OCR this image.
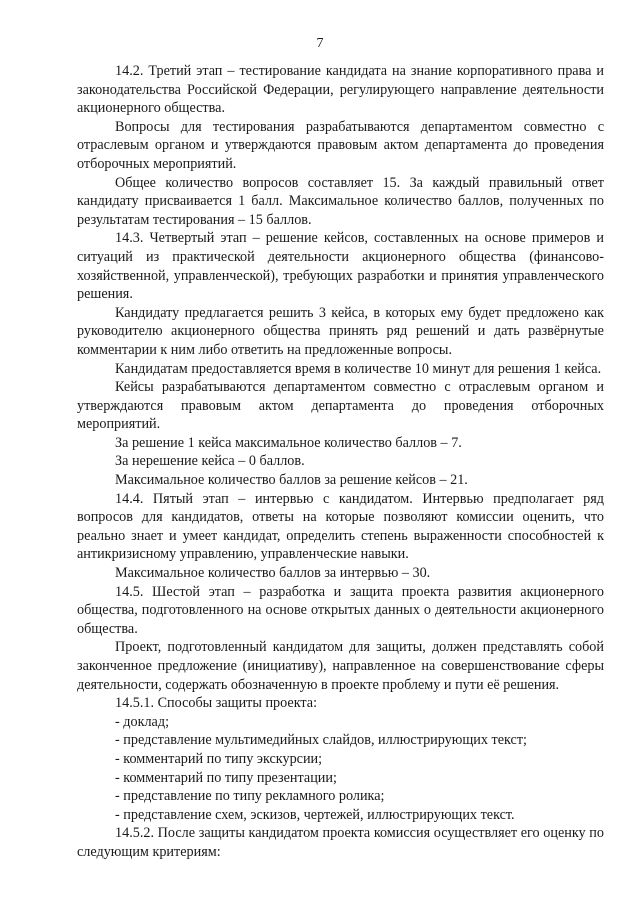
7

14.2. Третий этап – тестирование кандидата на знание корпоративного права и законодательства Российской Федерации, регулирующего направление деятельности акционерного общества.

Вопросы для тестирования разрабатываются департаментом совместно с отраслевым органом и утверждаются правовым актом департамента до проведения отборочных мероприятий.

Общее количество вопросов составляет 15. За каждый правильный ответ кандидату присваивается 1 балл. Максимальное количество баллов, полученных по результатам тестирования – 15 баллов.

14.3. Четвертый этап – решение кейсов, составленных на основе примеров и ситуаций из практической деятельности акционерного общества (финансово-хозяйственной, управленческой), требующих разработки и принятия управленческого решения.

Кандидату предлагается решить 3 кейса, в которых ему будет предложено как руководителю акционерного общества принять ряд решений и дать развёрнутые комментарии к ним либо ответить на предложенные вопросы.

Кандидатам предоставляется время в количестве 10 минут для решения 1 кейса.

Кейсы разрабатываются департаментом совместно с отраслевым органом и утверждаются правовым актом департамента до проведения отборочных мероприятий.

За решение 1 кейса максимальное количество баллов – 7.

За нерешение кейса – 0 баллов.

Максимальное количество баллов за решение кейсов – 21.

14.4. Пятый этап – интервью с кандидатом. Интервью предполагает ряд вопросов для кандидатов, ответы на которые позволяют комиссии оценить, что реально знает и умеет кандидат, определить степень выраженности способностей к антикризисному управлению, управленческие навыки.

Максимальное количество баллов за интервью – 30.

14.5. Шестой этап – разработка и защита проекта развития акционерного общества, подготовленного на основе открытых данных о деятельности акционерного общества.

Проект, подготовленный кандидатом для защиты, должен представлять собой законченное предложение (инициативу), направленное на совершенствование сферы деятельности, содержать обозначенную в проекте проблему и пути её решения.

14.5.1. Способы защиты проекта:

- доклад;

- представление мультимедийных слайдов, иллюстрирующих текст;

- комментарий по типу экскурсии;

- комментарий по типу презентации;

- представление по типу рекламного ролика;

- представление схем, эскизов, чертежей, иллюстрирующих текст.

14.5.2. После защиты кандидатом проекта комиссия осуществляет его оценку по следующим критериям:
